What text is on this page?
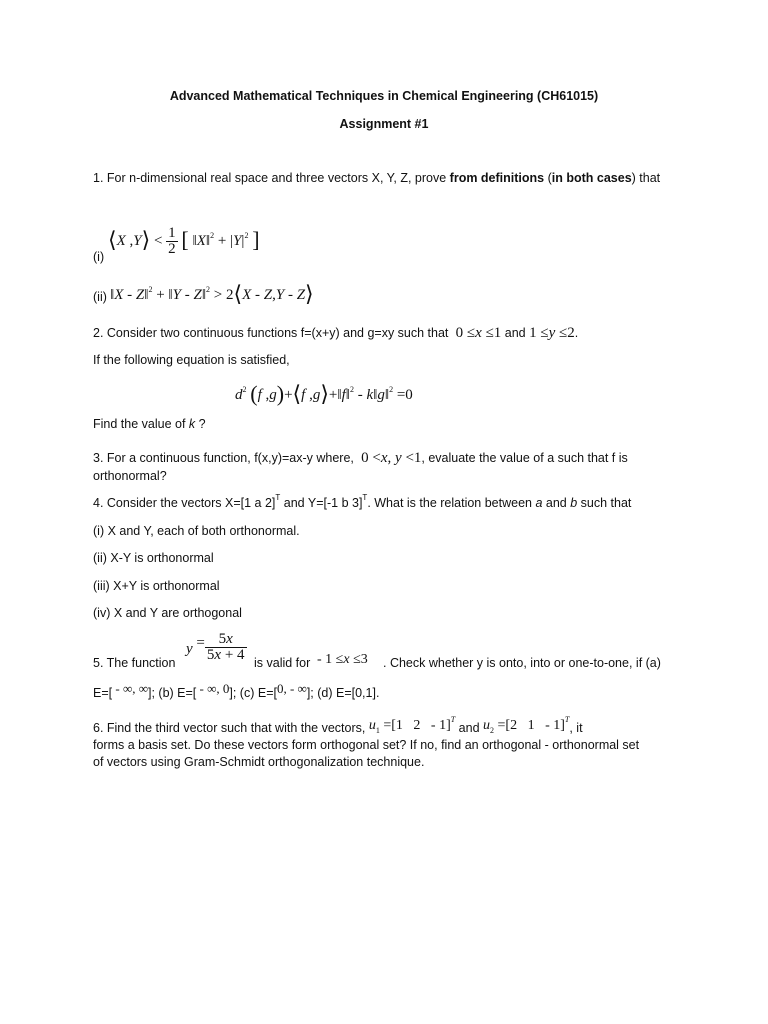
Advanced Mathematical Techniques in Chemical Engineering (CH61015)
Assignment #1
1. For n-dimensional real space and three vectors X, Y, Z, prove from definitions (in both cases) that
(i)
⟨X ,Y⟩ < $\frac{1}{2}$ [ ‖X‖$^2$ + $|Y|^2$ ]
(ii) ‖X - Z‖$^2$ + ‖Y - Z‖$^2$ > 2⟨X - Z,Y - Z⟩
2. Consider two continuous functions f=(x+y) and g=xy such that  0 ≤x ≤1 and 1 ≤y ≤2.
If the following equation is satisfied,
$d^2$ (f ,g)+⟨f ,g⟩+‖f‖$^2$ - k‖g‖$^2$ =0
Find the value of k ?
3. For a continuous function, f(x,y)=ax-y where,  0 <x, y <1, evaluate the value of a such that f is
orthonormal?
4. Consider the vectors X=[1 a 2]$^T$ and Y=[-1 b 3]$^T$. What is the relation between a and b such that
(i) X and Y, each of both orthonormal.
(ii) X-Y is orthonormal
(iii) X+Y is orthonormal
(iv) X and Y are orthogonal
$y = \frac{5x}{5x + 4}$
5. The function	is valid for - 1 ≤x ≤3 . Check whether y is onto, into or one-to-one, if (a)
E=[ - ∞, ∞]; (b) E=[ - ∞, 0]; (c) E=[0, - ∞]; (d) E=[0,1].
6. Find the third vector such that with the vectors, $u_1 =[1$   2   - 1]$^T$ and $u_2 =[2$   1   - 1]$^T$, it
forms a basis set. Do these vectors form orthogonal set? If no, find an orthogonal - orthonormal set
of vectors using Gram-Schmidt orthogonalization technique.
